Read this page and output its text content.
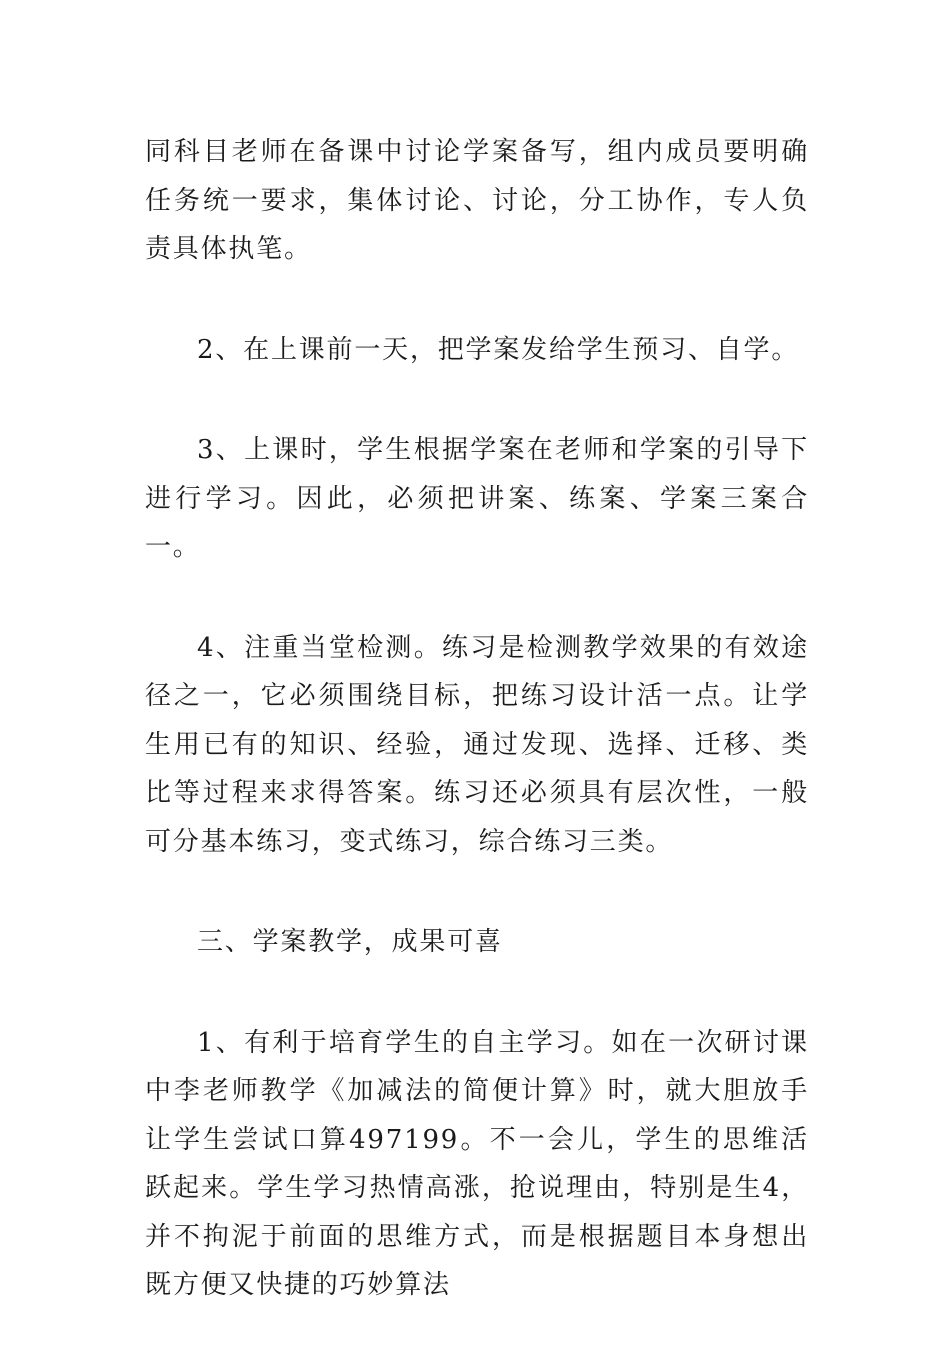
同科目老师在备课中讨论学案备写，组内成员要明确任务统一要求，集体讨论、讨论，分工协作，专人负责具体执笔。

2、在上课前一天，把学案发给学生预习、自学。

3、上课时，学生根据学案在老师和学案的引导下进行学习。因此，必须把讲案、练案、学案三案合一。

4、注重当堂检测。练习是检测教学效果的有效途径之一，它必须围绕目标，把练习设计活一点。让学生用已有的知识、经验，通过发现、选择、迁移、类比等过程来求得答案。练习还必须具有层次性，一般可分基本练习，变式练习，综合练习三类。

三、学案教学，成果可喜

1、有利于培育学生的自主学习。如在一次研讨课中李老师教学《加减法的简便计算》时，就大胆放手让学生尝试口算497199。不一会儿，学生的思维活跃起来。学生学习热情高涨，抢说理由，特别是生4，并不拘泥于前面的思维方式，而是根据题目本身想出既方便又快捷的巧妙算法
